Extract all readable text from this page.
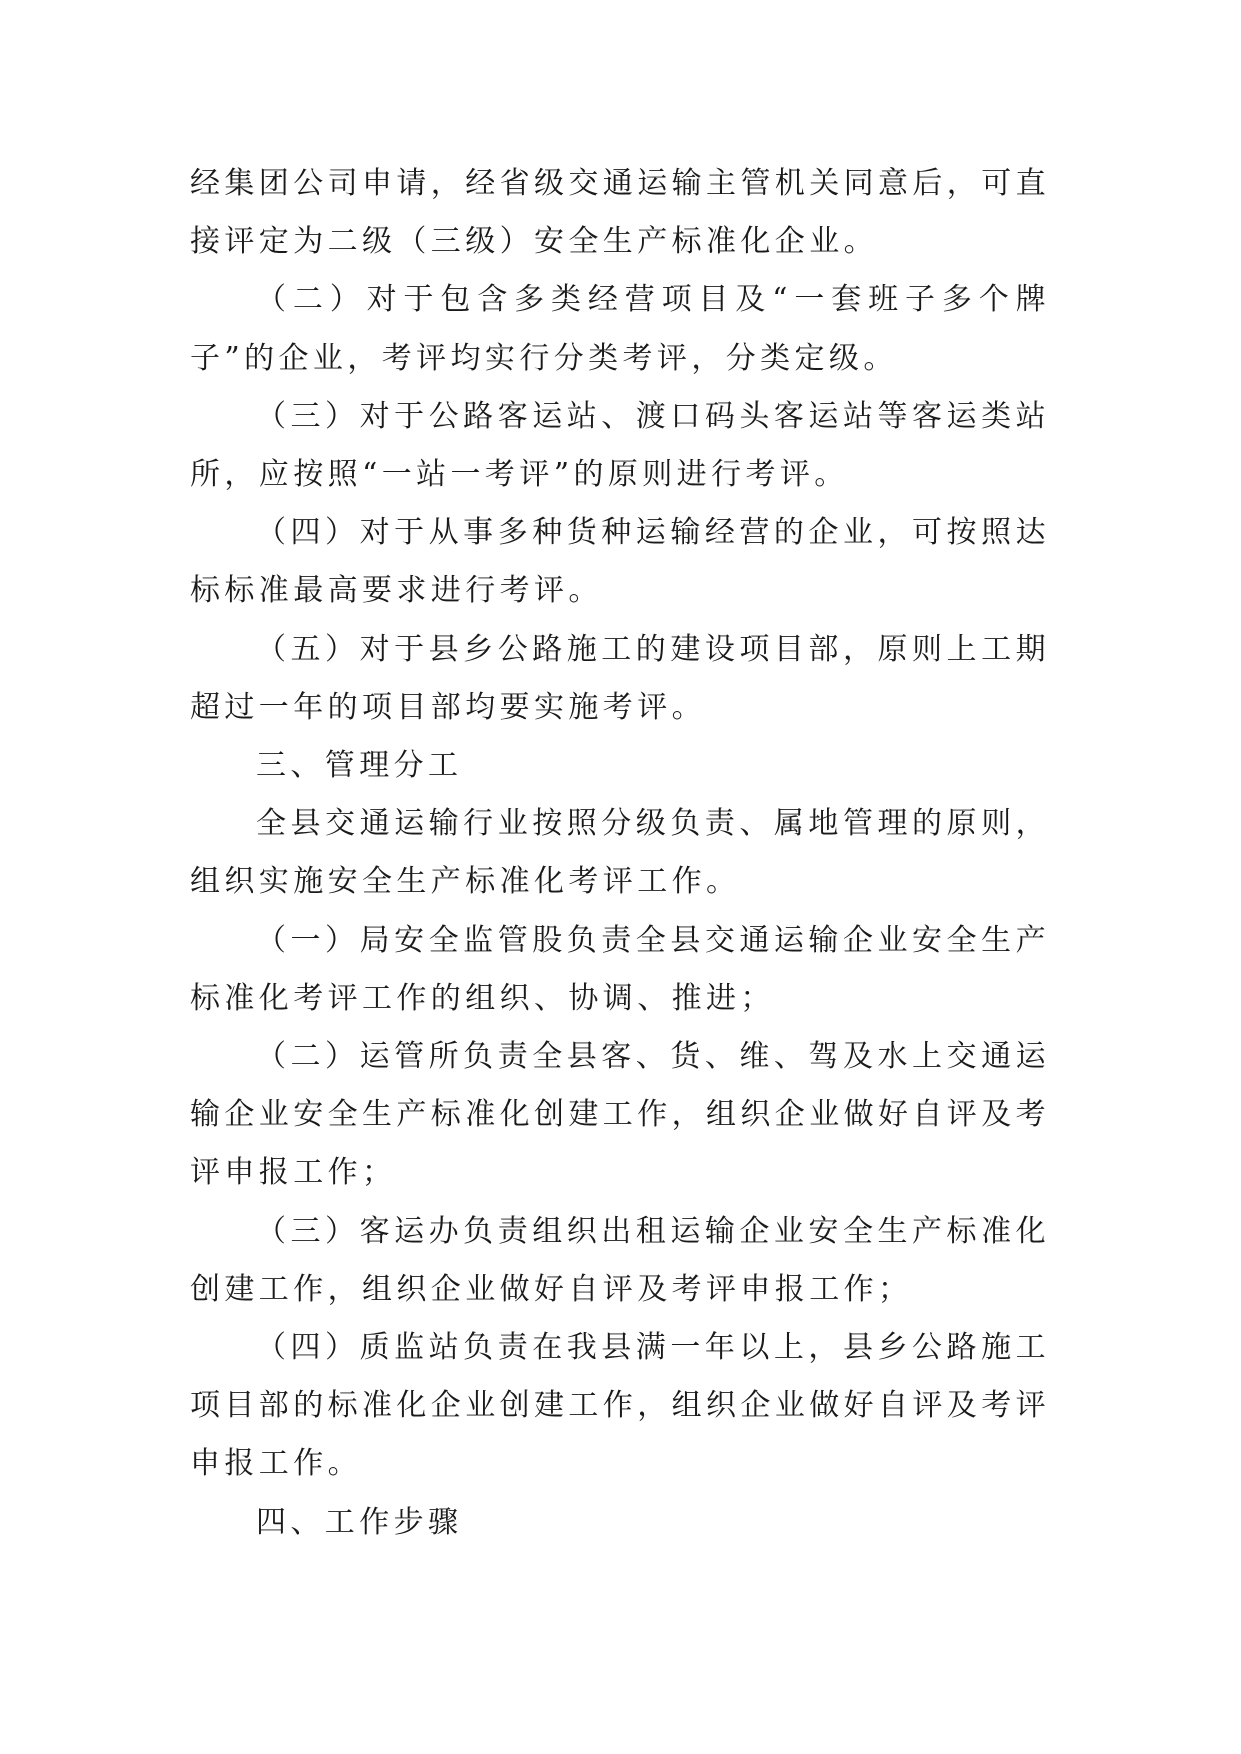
经集团公司申请，经省级交通运输主管机关同意后，可直接评定为二级（三级）安全生产标准化企业。

（二）对于包含多类经营项目及“一套班子多个牌子”的企业，考评均实行分类考评，分类定级。

（三）对于公路客运站、渡口码头客运站等客运类站所，应按照“一站一考评”的原则进行考评。

（四）对于从事多种货种运输经营的企业，可按照达标标准最高要求进行考评。

（五）对于县乡公路施工的建设项目部，原则上工期超过一年的项目部均要实施考评。

三、管理分工

全县交通运输行业按照分级负责、属地管理的原则，组织实施安全生产标准化考评工作。

（一）局安全监管股负责全县交通运输企业安全生产标准化考评工作的组织、协调、推进；

（二）运管所负责全县客、货、维、驾及水上交通运输企业安全生产标准化创建工作，组织企业做好自评及考评申报工作；

（三）客运办负责组织出租运输企业安全生产标准化创建工作，组织企业做好自评及考评申报工作；

（四）质监站负责在我县满一年以上，县乡公路施工项目部的标准化企业创建工作，组织企业做好自评及考评申报工作。

四、工作步骤
